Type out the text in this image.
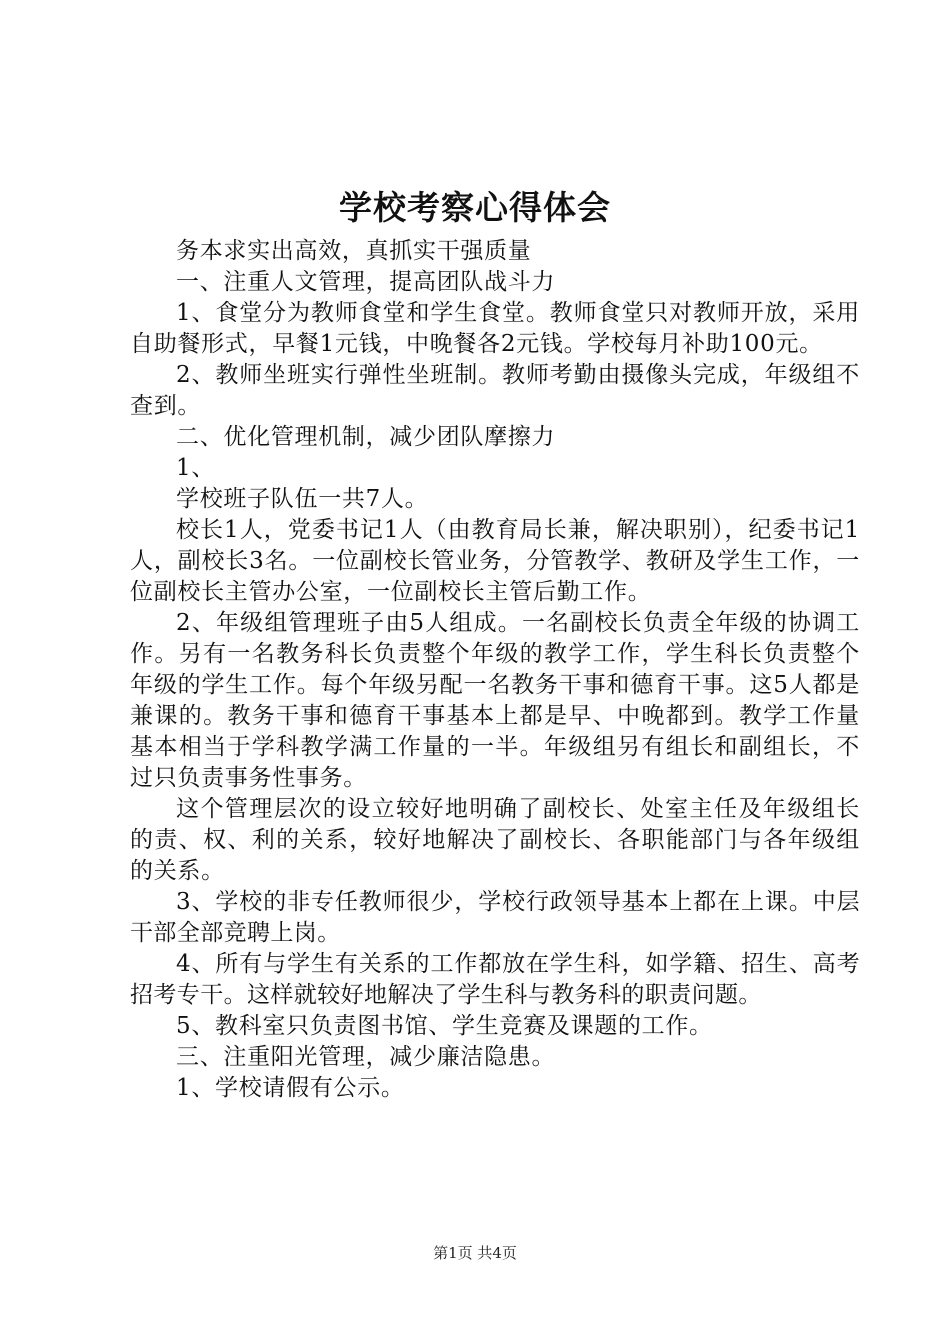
学校考察心得体会

务本求实出高效，真抓实干强质量

一、注重人文管理，提高团队战斗力

1、食堂分为教师食堂和学生食堂。教师食堂只对教师开放，采用自助餐形式，早餐1元钱，中晚餐各2元钱。学校每月补助100元。

2、教师坐班实行弹性坐班制。教师考勤由摄像头完成，年级组不查到。

二、优化管理机制，减少团队摩擦力

1、

学校班子队伍一共7人。

校长1人，党委书记1人（由教育局长兼，解决职别），纪委书记1人，副校长3名。一位副校长管业务，分管教学、教研及学生工作，一位副校长主管办公室，一位副校长主管后勤工作。

2、年级组管理班子由5人组成。一名副校长负责全年级的协调工作。另有一名教务科长负责整个年级的教学工作，学生科长负责整个年级的学生工作。每个年级另配一名教务干事和德育干事。这5人都是兼课的。教务干事和德育干事基本上都是早、中晚都到。教学工作量基本相当于学科教学满工作量的一半。年级组另有组长和副组长，不过只负责事务性事务。

这个管理层次的设立较好地明确了副校长、处室主任及年级组长的责、权、利的关系，较好地解决了副校长、各职能部门与各年级组的关系。

3、学校的非专任教师很少，学校行政领导基本上都在上课。中层干部全部竞聘上岗。

4、所有与学生有关系的工作都放在学生科，如学籍、招生、高考招考专干。这样就较好地解决了学生科与教务科的职责问题。

5、教科室只负责图书馆、学生竞赛及课题的工作。

三、注重阳光管理，减少廉洁隐患。

1、学校请假有公示。

第1页 共4页
